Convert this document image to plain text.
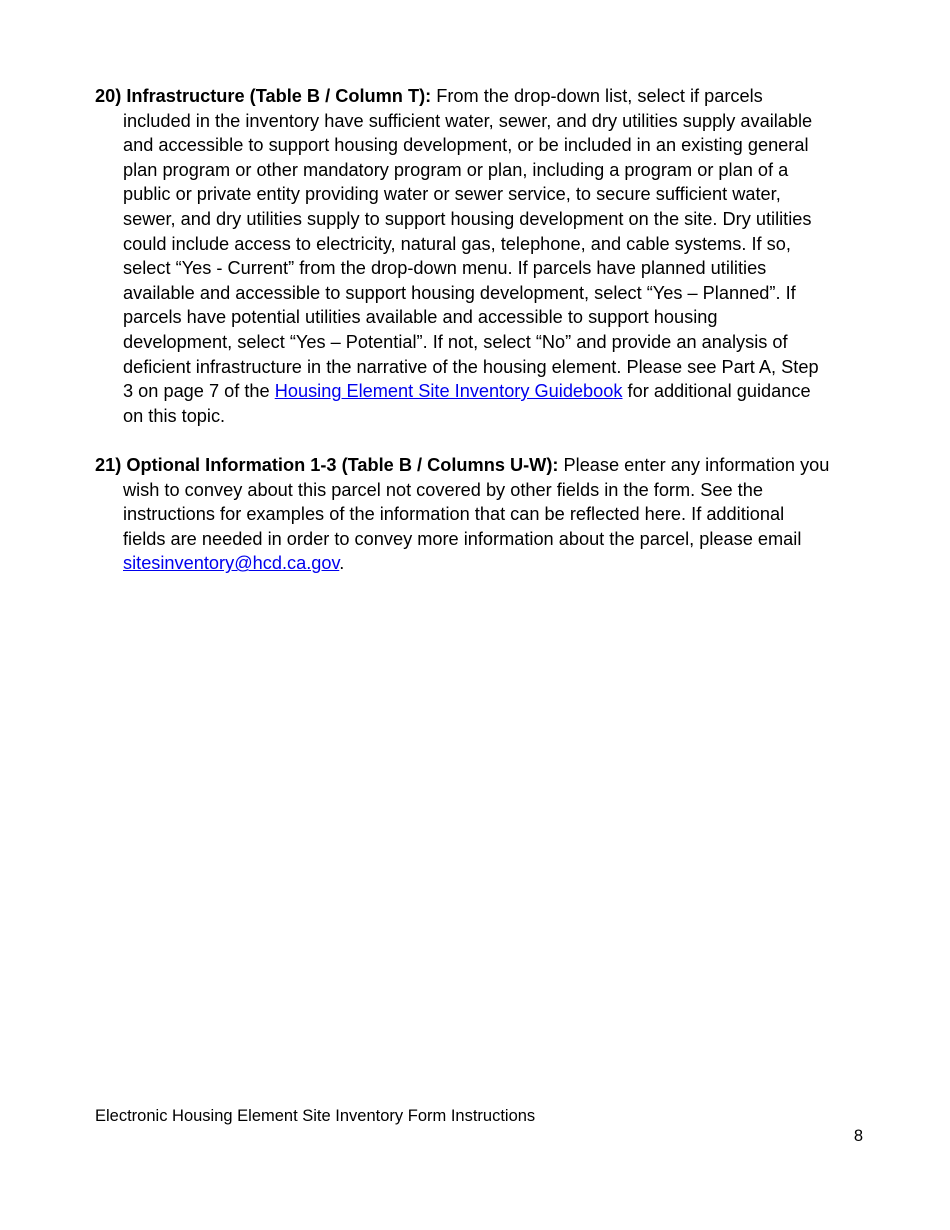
20) Infrastructure (Table B / Column T): From the drop-down list, select if parcels included in the inventory have sufficient water, sewer, and dry utilities supply available and accessible to support housing development, or be included in an existing general plan program or other mandatory program or plan, including a program or plan of a public or private entity providing water or sewer service, to secure sufficient water, sewer, and dry utilities supply to support housing development on the site. Dry utilities could include access to electricity, natural gas, telephone, and cable systems. If so, select “Yes - Current” from the drop-down menu. If parcels have planned utilities available and accessible to support housing development, select “Yes – Planned”. If parcels have potential utilities available and accessible to support housing development, select “Yes – Potential”. If not, select “No” and provide an analysis of deficient infrastructure in the narrative of the housing element. Please see Part A, Step 3 on page 7 of the Housing Element Site Inventory Guidebook for additional guidance on this topic.

21) Optional Information 1-3 (Table B / Columns U-W): Please enter any information you wish to convey about this parcel not covered by other fields in the form. See the instructions for examples of the information that can be reflected here. If additional fields are needed in order to convey more information about the parcel, please email sitesinventory@hcd.ca.gov.

Electronic Housing Element Site Inventory Form Instructions
8
